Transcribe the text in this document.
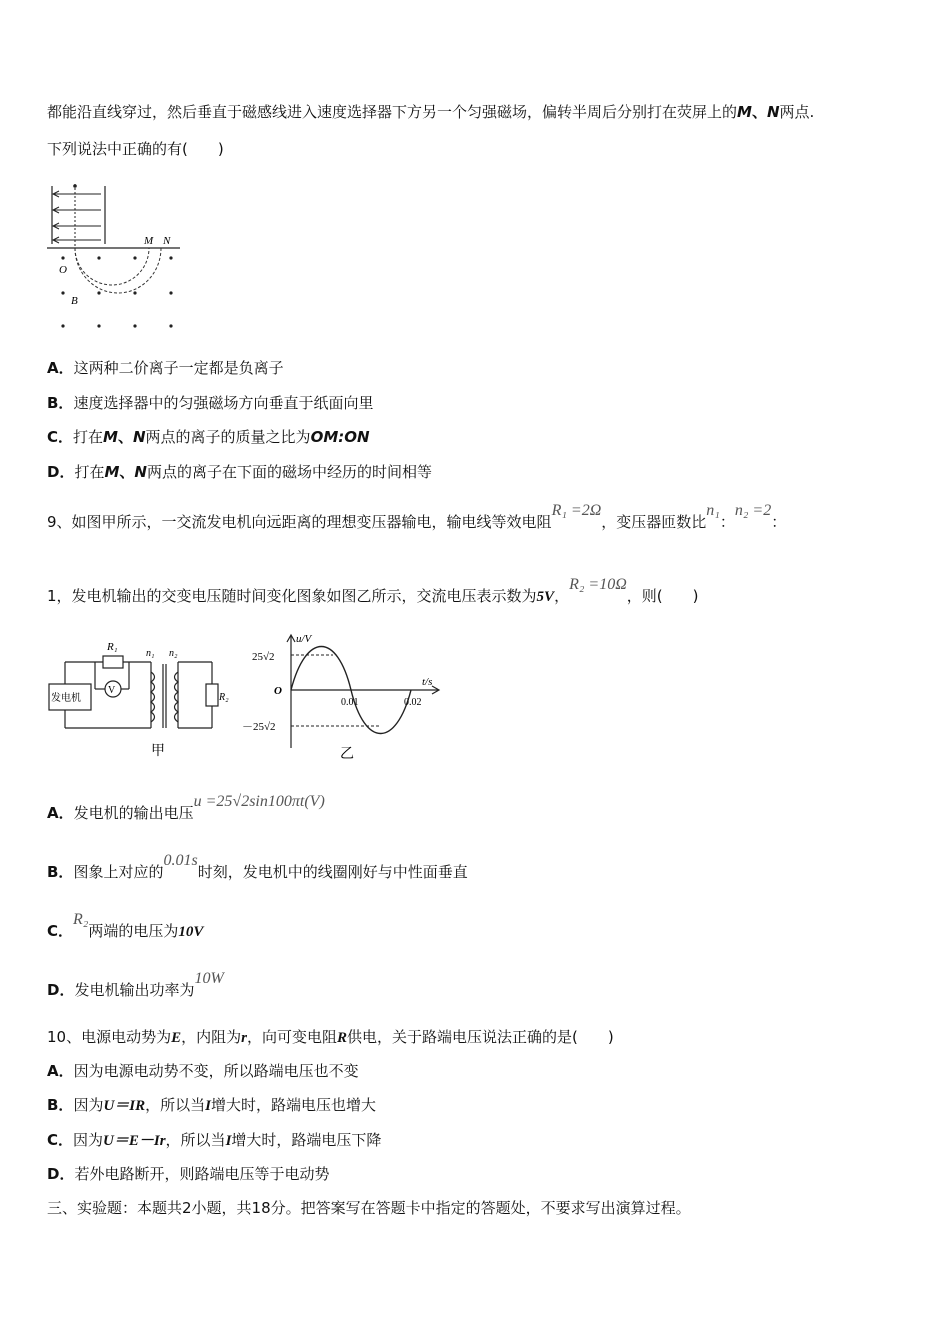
都能沿直线穿过，然后垂直于磁感线进入速度选择器下方另一个匀强磁场，偏转半周后分别打在荧屏上的M、N两点.
下列说法中正确的有(　　)
M N
O
B
A．这两种二价离子一定都是负离子
B．速度选择器中的匀强磁场方向垂直于纸面向里
C．打在M、N两点的离子的质量之比为OM:ON
D．打在M、N两点的离子在下面的磁场中经历的时间相等
9、如图甲所示，一交流发电机向远距离的理想变压器输电，输电线等效电阻R₁ =2Ω，变压器匝数比n₁：n₂ =2：
1，发电机输出的交变电压随时间变化图象如图乙所示，交流电压表示数为5V，R₂ =10Ω，则(　　)
发电机
R₁
V
n₁ n₂
R₂
甲
u/V
t/s
25√2
－25√2
O
0.01	0.02
乙
A．发电机的输出电压u =25√2sin100πt(V)
B．图象上对应的0.01s时刻，发电机中的线圈刚好与中性面垂直
C．R₂两端的电压为10V
D．发电机输出功率为10W
10、电源电动势为E，内阻为r，向可变电阻R供电，关于路端电压说法正确的是(　　)
A．因为电源电动势不变，所以路端电压也不变
B．因为U＝IR，所以当I增大时，路端电压也增大
C．因为U＝E－Ir，所以当I增大时，路端电压下降
D．若外电路断开，则路端电压等于电动势
三、实验题：本题共2小题，共18分。把答案写在答题卡中指定的答题处，不要求写出演算过程。
